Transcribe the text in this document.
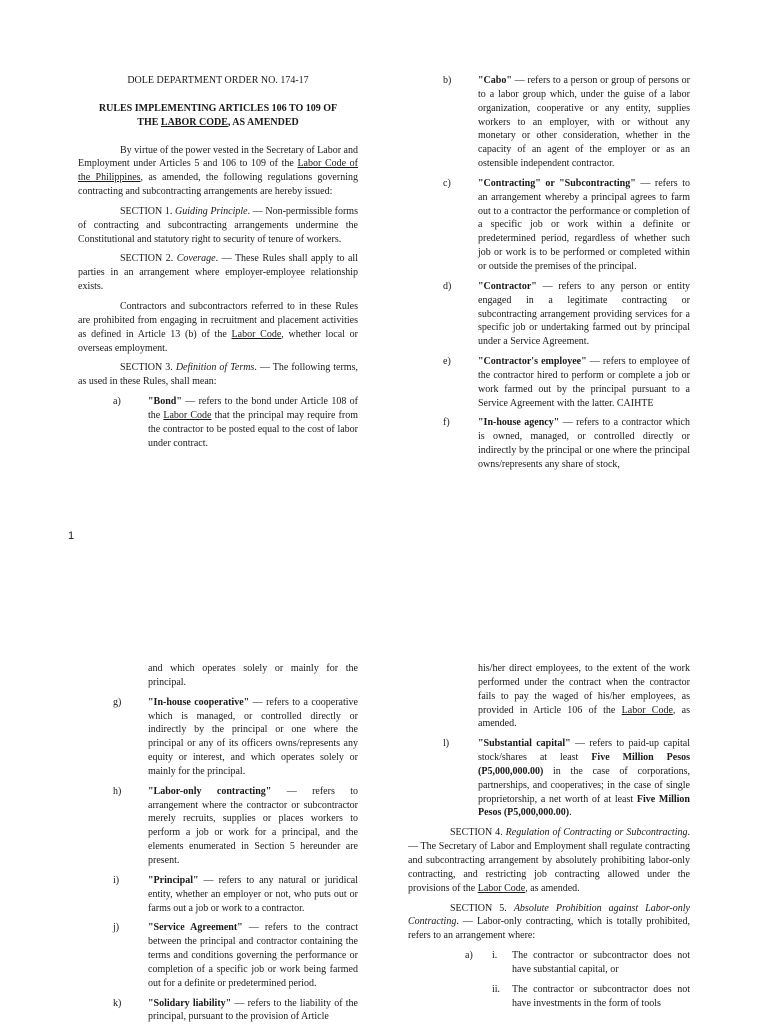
DOLE DEPARTMENT ORDER NO. 174-17

RULES IMPLEMENTING ARTICLES 106 TO 109 OF
THE LABOR CODE, AS AMENDED

By virtue of the power vested in the Secretary of Labor and Employment under Articles 5 and 106 to 109 of the Labor Code of the Philippines, as amended, the following regulations governing contracting and subcontracting arrangements are hereby issued:

SECTION 1. Guiding Principle. — Non-permissible forms of contracting and subcontracting arrangements undermine the Constitutional and statutory right to security of tenure of workers.

SECTION 2. Coverage. — These Rules shall apply to all parties in an arrangement where employer-employee relationship exists.

Contractors and subcontractors referred to in these Rules are prohibited from engaging in recruitment and placement activities as defined in Article 13 (b) of the Labor Code, whether local or overseas employment.

SECTION 3. Definition of Terms. — The following terms, as used in these Rules, shall mean:

a)	"Bond" — refers to the bond under Article 108 of the Labor Code that the principal may require from the contractor to be posted equal to the cost of labor under contract.
b)	"Cabo" — refers to a person or group of persons or to a labor group which, under the guise of a labor organization, cooperative or any entity, supplies workers to an employer, with or without any monetary or other consideration, whether in the capacity of an agent of the employer or as an ostensible independent contractor.
c)	"Contracting" or "Subcontracting" — refers to an arrangement whereby a principal agrees to farm out to a contractor the performance or completion of a specific job or work within a definite or predetermined period, regardless of whether such job or work is to be performed or completed within or outside the premises of the principal.
d)	"Contractor" — refers to any person or entity engaged in a legitimate contracting or subcontracting arrangement providing services for a specific job or undertaking farmed out by principal under a Service Agreement.
e)	"Contractor's employee" — refers to employee of the contractor hired to perform or complete a job or work farmed out by the principal pursuant to a Service Agreement with the latter. CAIHTE
f)	"In-house agency" — refers to a contractor which is owned, managed, or controlled directly or indirectly by the principal or one where the principal owns/represents any share of stock,
1
and which operates solely or mainly for the principal.
g)	"In-house cooperative" — refers to a cooperative which is managed, or controlled directly or indirectly by the principal or one where the principal or any of its officers owns/represents any equity or interest, and which operates solely or mainly for the principal.
h)	"Labor-only contracting" — refers to arrangement where the contractor or subcontractor merely recruits, supplies or places workers to perform a job or work for a principal, and the elements enumerated in Section 5 hereunder are present.
i)	"Principal" — refers to any natural or juridical entity, whether an employer or not, who puts out or farms out a job or work to a contractor.
j)	"Service Agreement" — refers to the contract between the principal and contractor containing the terms and conditions governing the performance or completion of a specific job or work being farmed out for a definite or predetermined period.
k)	"Solidary liability" — refers to the liability of the principal, pursuant to the provision of Article
his/her direct employees, to the extent of the work performed under the contract when the contractor fails to pay the waged of his/her employees, as provided in Article 106 of the Labor Code, as amended.
l)	"Substantial capital" — refers to paid-up capital stock/shares at least Five Million Pesos (P5,000,000.00) in the case of corporations, partnerships, and cooperatives; in the case of single proprietorship, a net worth of at least Five Million Pesos (P5,000,000.00).

SECTION 4. Regulation of Contracting or Subcontracting. — The Secretary of Labor and Employment shall regulate contracting and subcontracting arrangement by absolutely prohibiting labor-only contracting, and restricting job contracting allowed under the provisions of the Labor Code, as amended.

SECTION 5. Absolute Prohibition against Labor-only Contracting. — Labor-only contracting, which is totally prohibited, refers to an arrangement where:

a) i. The contractor or subcontractor does not have substantial capital, or
ii. The contractor or subcontractor does not have investments in the form of tools
